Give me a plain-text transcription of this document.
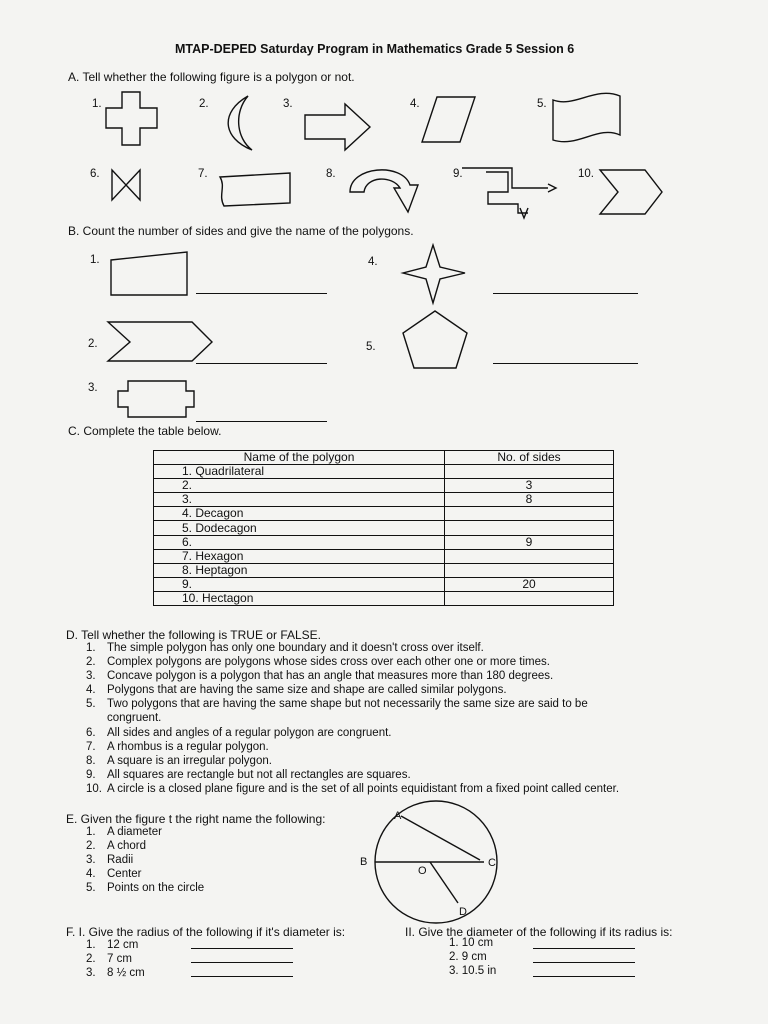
MTAP-DEPED Saturday Program in Mathematics Grade 5 Session 6
A. Tell whether the following figure is a polygon or not.
1.	2.	3.	4.	5.
6.	7.	8.	9.	10.
B. Count the number of sides and give the name of the polygons.
1.
2.
3.
4.
5.
C. Complete the table below.
Name of the polygon	No. of sides
1. Quadrilateral	
2.	3
3.	8
4. Decagon	
5. Dodecagon	
6.	9
7. Hexagon	
8. Heptagon	
9.	20
10. Hectagon	
D. Tell whether the following is TRUE or FALSE.
1. The simple polygon has only one boundary and it doesn't cross over itself.
2. Complex polygons are polygons whose sides cross over each other one or more times.
3. Concave polygon is a polygon that has an angle that measures more than 180 degrees.
4. Polygons that are having the same size and shape are called similar polygons.
5. Two polygons that are having the same shape but not necessarily the same size are said to be
congruent.
6. All sides and angles of a regular polygon are congruent.
7. A rhombus is a regular polygon.
8. A square is an irregular polygon.
9. All squares are rectangle but not all rectangles are squares.
10. A circle is a closed plane figure and is the set of all points equidistant from a fixed point called center.
E. Given the figure t the right name the following:
1. A diameter
2. A chord
3. Radii
4. Center
5. Points on the circle
A
B	C
D
O
F. I. Give the radius of the following if it's diameter is:
1. 12 cm
2. 7 cm
3. 8 ½ cm
II. Give the diameter of the following if its radius is:
1. 10 cm
2. 9 cm
3. 10.5 in
